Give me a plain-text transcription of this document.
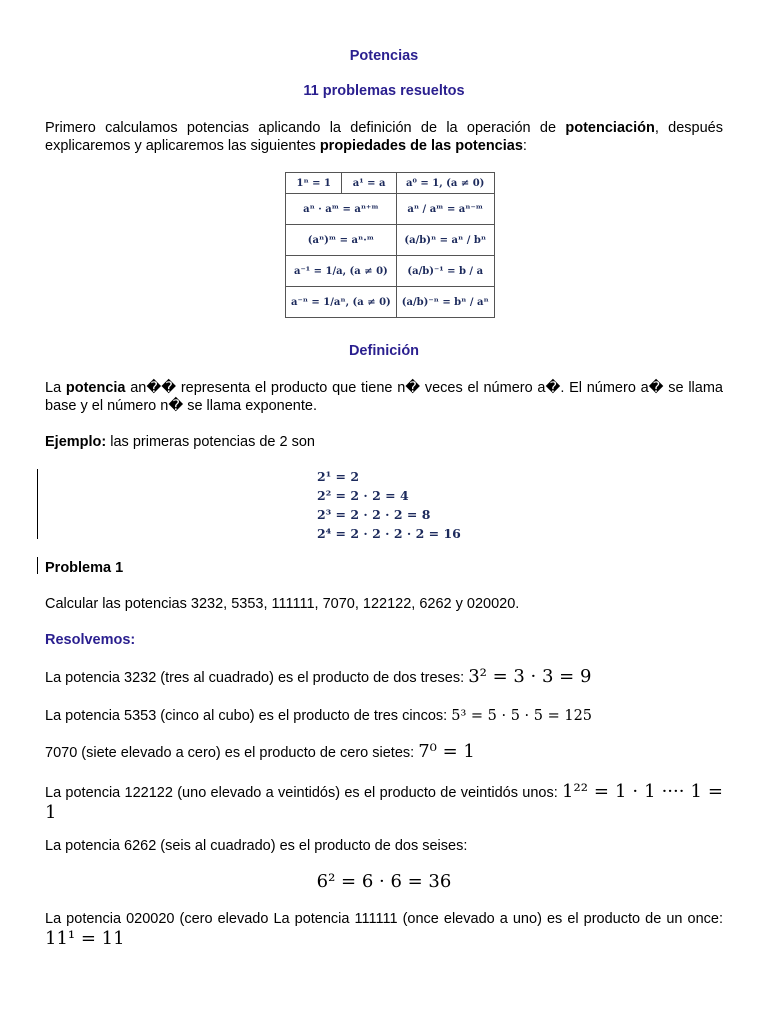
Potencias
11 problemas resueltos
Primero calculamos potencias aplicando la definición de la operación de potenciación, después explicaremos y aplicaremos las siguientes propiedades de las potencias:
1ⁿ = 1	a¹ = a	a⁰ = 1, (a ≠ 0)
aⁿ · aᵐ = aⁿ⁺ᵐ		aⁿ / aᵐ = aⁿ⁻ᵐ
(aⁿ)ᵐ = aⁿ·ᵐ		(a/b)ⁿ = aⁿ / bⁿ
a⁻¹ = 1/a, (a ≠ 0)		(a/b)⁻¹ = b / a
a⁻ⁿ = 1/aⁿ, (a ≠ 0)		(a/b)⁻ⁿ = bⁿ / aⁿ
Definición
La potencia an�� representa el producto que tiene n� veces el número a�. El número a� se llama base y el número n� se llama exponente.
Ejemplo: las primeras potencias de 2 son
2¹ = 2
2² = 2 · 2 = 4
2³ = 2 · 2 · 2 = 8
2⁴ = 2 · 2 · 2 · 2 = 16
Problema 1
Calcular las potencias 3232, 5353, 111111, 7070, 122122, 6262 y 020020.
Resolvemos:
La potencia 3232 (tres al cuadrado) es el producto de dos treses: 3² = 3 · 3 = 9
La potencia 5353 (cinco al cubo) es el producto de tres cincos: 5³ = 5 · 5 · 5 = 125
7070 (siete elevado a cero) es el producto de cero sietes: 7⁰ = 1
La potencia 122122 (uno elevado a veintidós) es el producto de veintidós unos: 1²² = 1 · 1 ···· 1 = 1
La potencia 6262 (seis al cuadrado) es el producto de dos seises:
6² = 6 · 6 = 36
La potencia 020020 (cero elevado La potencia 111111 (once elevado a uno) es el producto de un once: 11¹ = 11
